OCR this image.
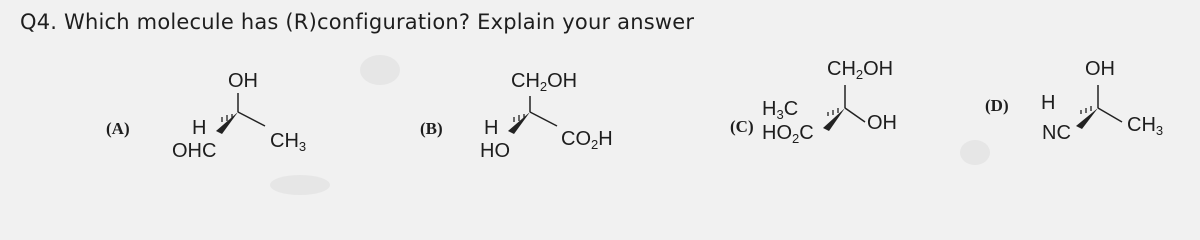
Q4. Which molecule has (R)configuration? Explain your answer
(A)
OH
H
OHC	$CH_3$
(B)
$CH_2OH$
H
HO
$CO_2H$
(C)
$CH_2OH$
$H_3C$
$HO_2C$	OH
(D)
OH
H
NC	$CH_3$
